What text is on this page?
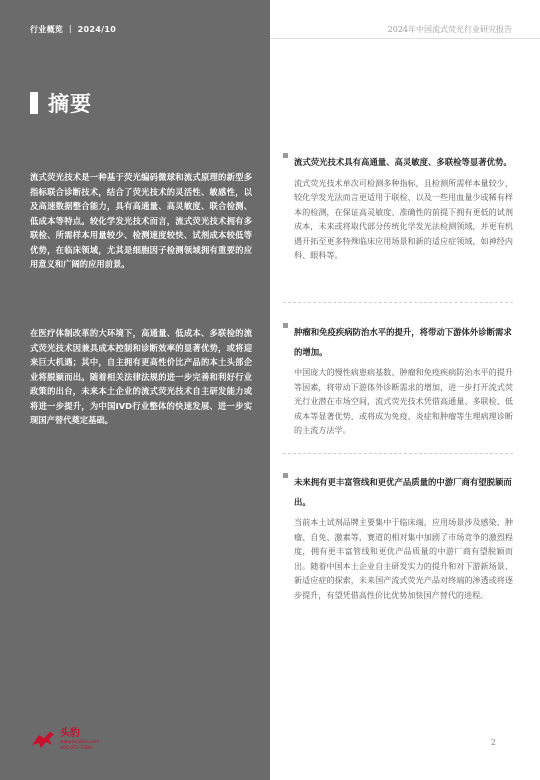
行业概览 ｜ 2024/10	2024年中国流式荧光行业研究报告
摘要

流式荧光技术是一种基于荧光编码微球和流式原理的新型多指标联合诊断技术，结合了荧光技术的灵活性、敏感性，以及高速数据整合能力，具有高通量、高灵敏度、联合检测、低成本等特点。较化学发光技术而言，流式荧光技术拥有多联检、所需样本用量较少、检测速度较快、试剂成本较低等优势，在临床领域，尤其是细胞因子检测领域拥有重要的应用意义和广阔的应用前景。

在医疗体制改革的大环境下，高通量、低成本、多联检的流式荧光技术因兼具成本控制和诊断效率的显著优势，或将迎来巨大机遇；其中，自主拥有更高性价比产品的本土头部企业将脱颖而出。随着相关法律法规的进一步完善和利好行业政策的出台，未来本土企业的流式荧光技术自主研发能力或将进一步提升，为中国IVD行业整体的快速发展、进一步实现国产替代奠定基础。

流式荧光技术具有高通量、高灵敏度、多联检等显著优势。
流式荧光技术单次可检测多种指标，且检测所需样本量较少，较化学发光法而言更适用于联检、以及一些用血量少或稀有样本的检测，在保证高灵敏度、准确性的前提下拥有更低的试剂成本，未来或将取代部分传统化学发光法检测领域，并更有机遇开拓至更多特殊临床应用场景和新的适应症领域，如神经内科、眼科等。
肿瘤和免疫疾病防治水平的提升，将带动下游体外诊断需求的增加。
中国庞大的慢性病患病基数、肿瘤和免疫疾病防治水平的提升等因素，将带动下游体外诊断需求的增加，进一步打开流式荧光行业潜在市场空间，流式荧光技术凭借高通量、多联检、低成本等显著优势，或将成为免疫、炎症和肿瘤等生理病理诊断的主流方法学。
未来拥有更丰富管线和更优产品质量的中游厂商有望脱颖而出。
当前本土试剂品牌主要集中于临床端，应用场景涉及感染、肿瘤、自免、激素等，赛道的相对集中加剧了市场竞争的激烈程度，拥有更丰富管线和更优产品质量的中游厂商有望脱颖而出。随着中国本土企业自主研发实力的提升和对下游新场景、新适应症的探索，未来国产流式荧光产品对终端的渗透或将逐步提升，有望凭借高性价比优势加快国产替代的进程。
头豹
www.leadleo.com
400-072-5588
2
